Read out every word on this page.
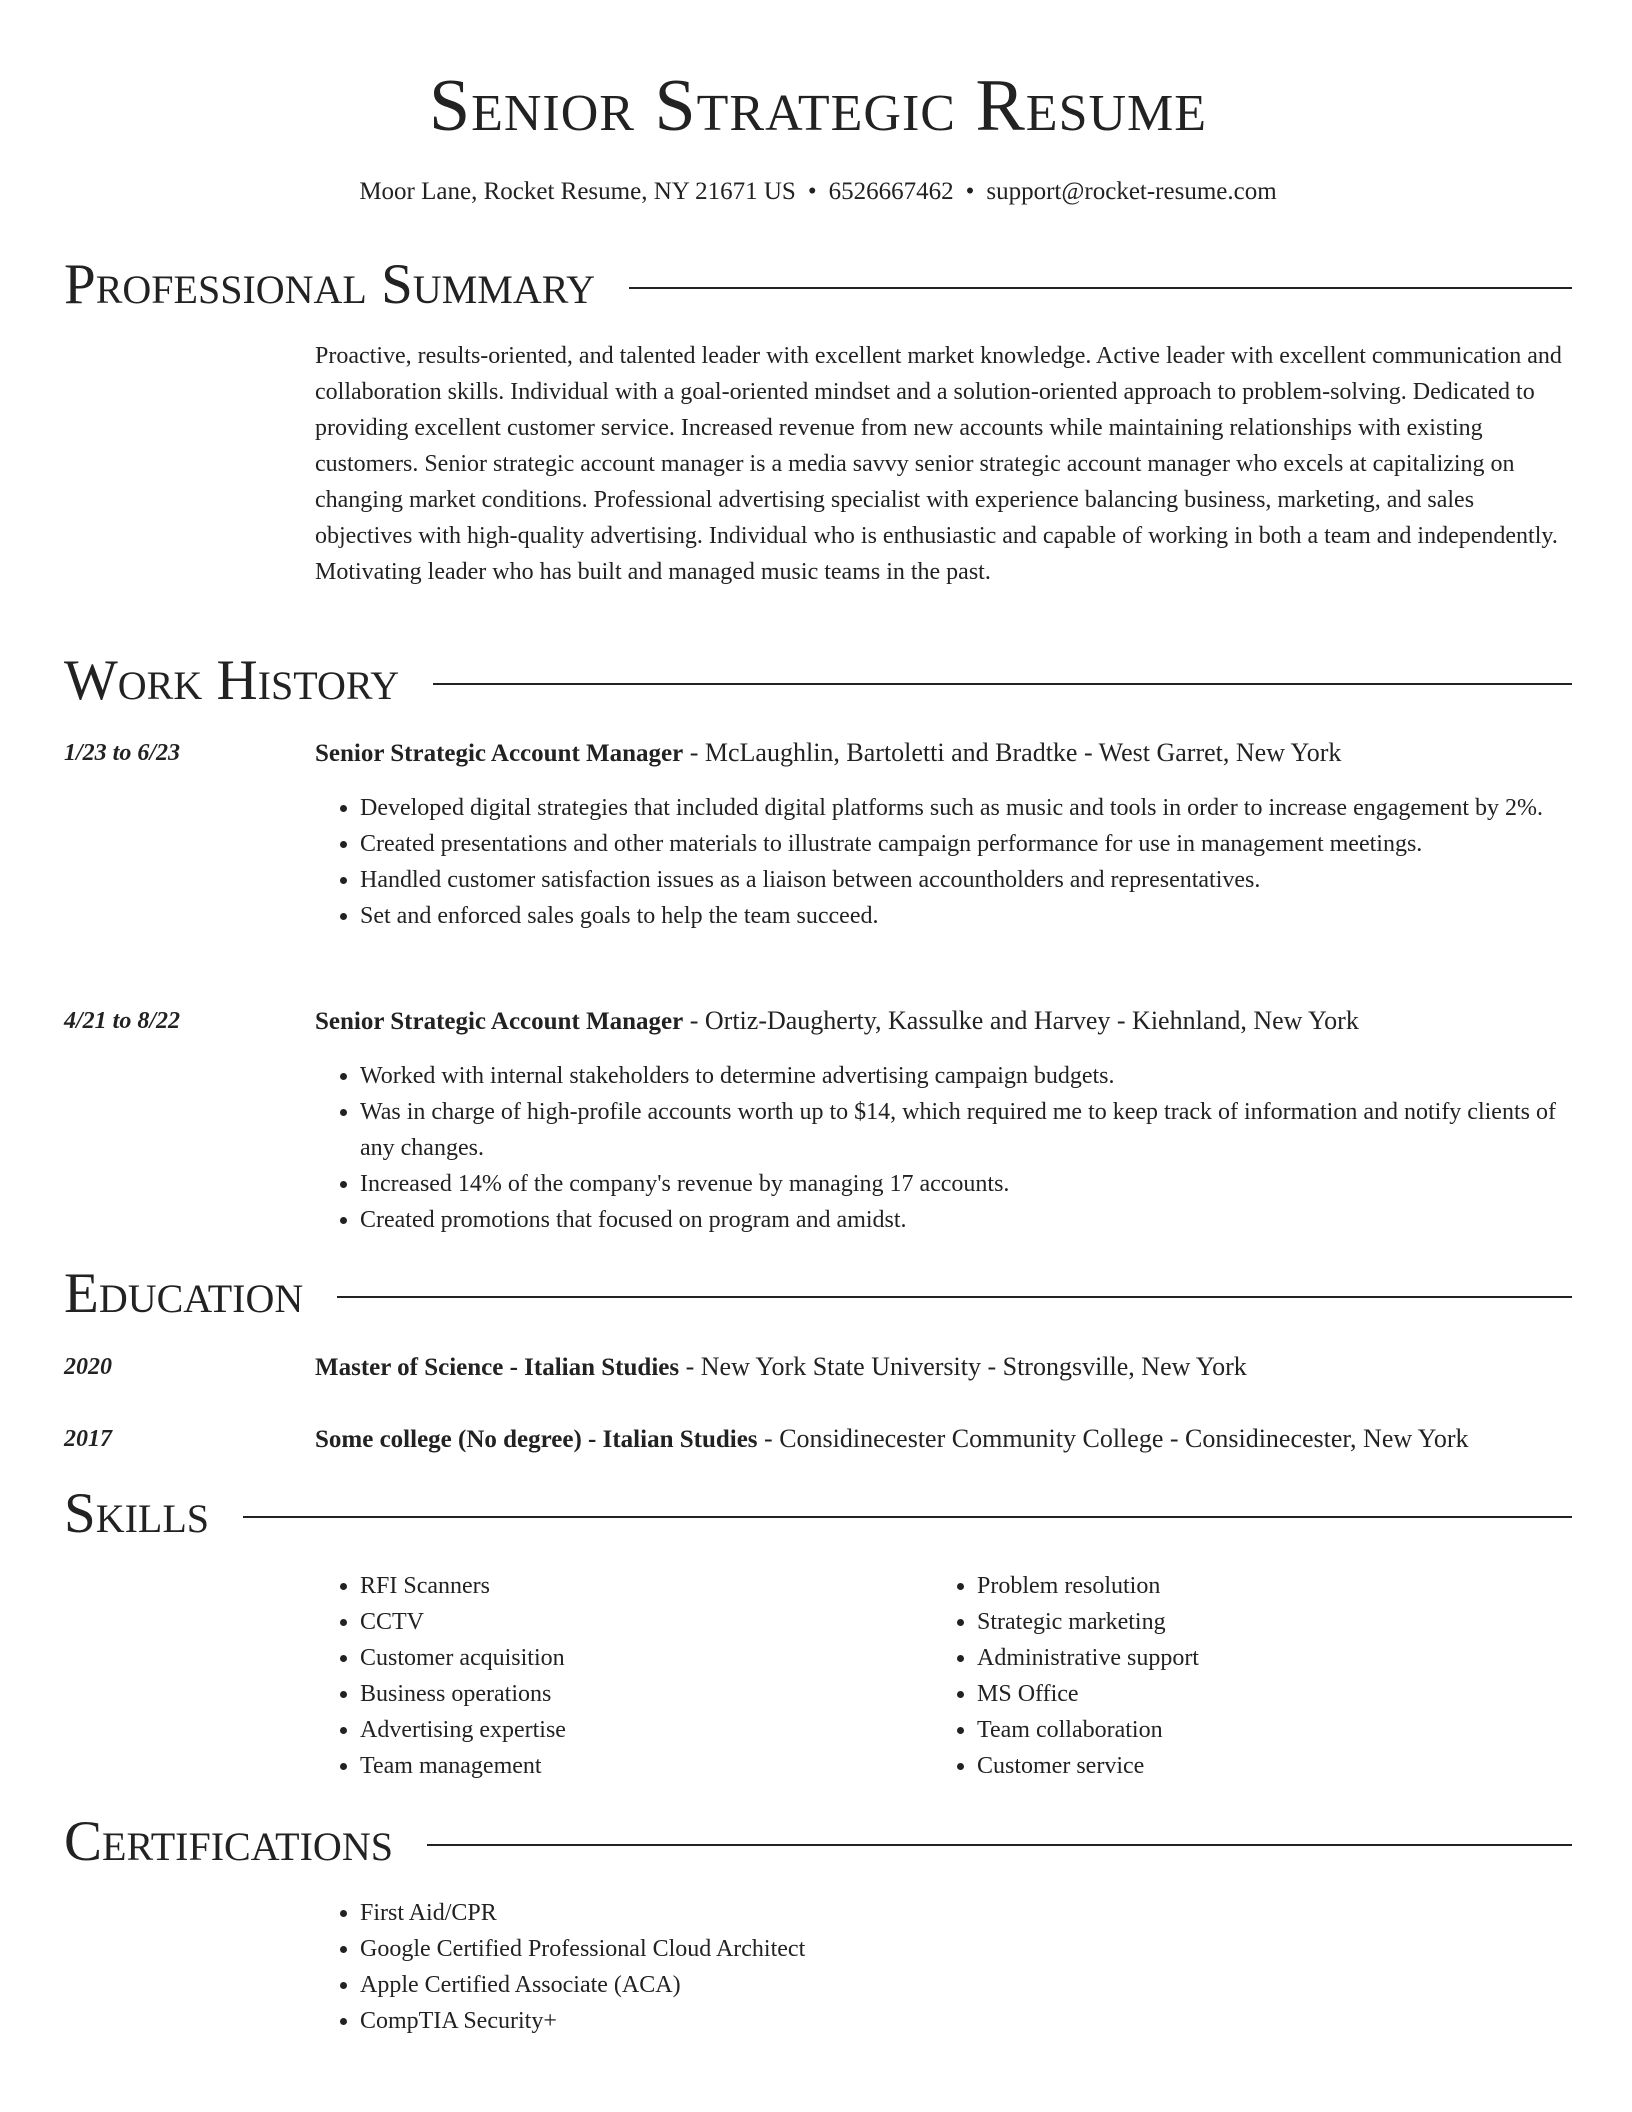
Senior Strategic Resume
Moor Lane, Rocket Resume, NY 21671 US • 6526667462 • support@rocket-resume.com
Professional Summary
Proactive, results-oriented, and talented leader with excellent market knowledge. Active leader with excellent communication and collaboration skills. Individual with a goal-oriented mindset and a solution-oriented approach to problem-solving. Dedicated to providing excellent customer service. Increased revenue from new accounts while maintaining relationships with existing customers. Senior strategic account manager is a media savvy senior strategic account manager who excels at capitalizing on changing market conditions. Professional advertising specialist with experience balancing business, marketing, and sales objectives with high-quality advertising. Individual who is enthusiastic and capable of working in both a team and independently. Motivating leader who has built and managed music teams in the past.
Work History
1/23 to 6/23	Senior Strategic Account Manager - McLaughlin, Bartoletti and Bradtke - West Garret, New York
• Developed digital strategies that included digital platforms such as music and tools in order to increase engagement by 2%.
• Created presentations and other materials to illustrate campaign performance for use in management meetings.
• Handled customer satisfaction issues as a liaison between accountholders and representatives.
• Set and enforced sales goals to help the team succeed.
4/21 to 8/22	Senior Strategic Account Manager - Ortiz-Daugherty, Kassulke and Harvey - Kiehnland, New York
• Worked with internal stakeholders to determine advertising campaign budgets.
• Was in charge of high-profile accounts worth up to $14, which required me to keep track of information and notify clients of any changes.
• Increased 14% of the company's revenue by managing 17 accounts.
• Created promotions that focused on program and amidst.
Education
2020	Master of Science - Italian Studies - New York State University - Strongsville, New York
2017	Some college (No degree) - Italian Studies - Considinecester Community College - Considinecester, New York
Skills
• RFI Scanners
• CCTV
• Customer acquisition
• Business operations
• Advertising expertise
• Team management
• Problem resolution
• Strategic marketing
• Administrative support
• MS Office
• Team collaboration
• Customer service
Certifications
• First Aid/CPR
• Google Certified Professional Cloud Architect
• Apple Certified Associate (ACA)
• CompTIA Security+
